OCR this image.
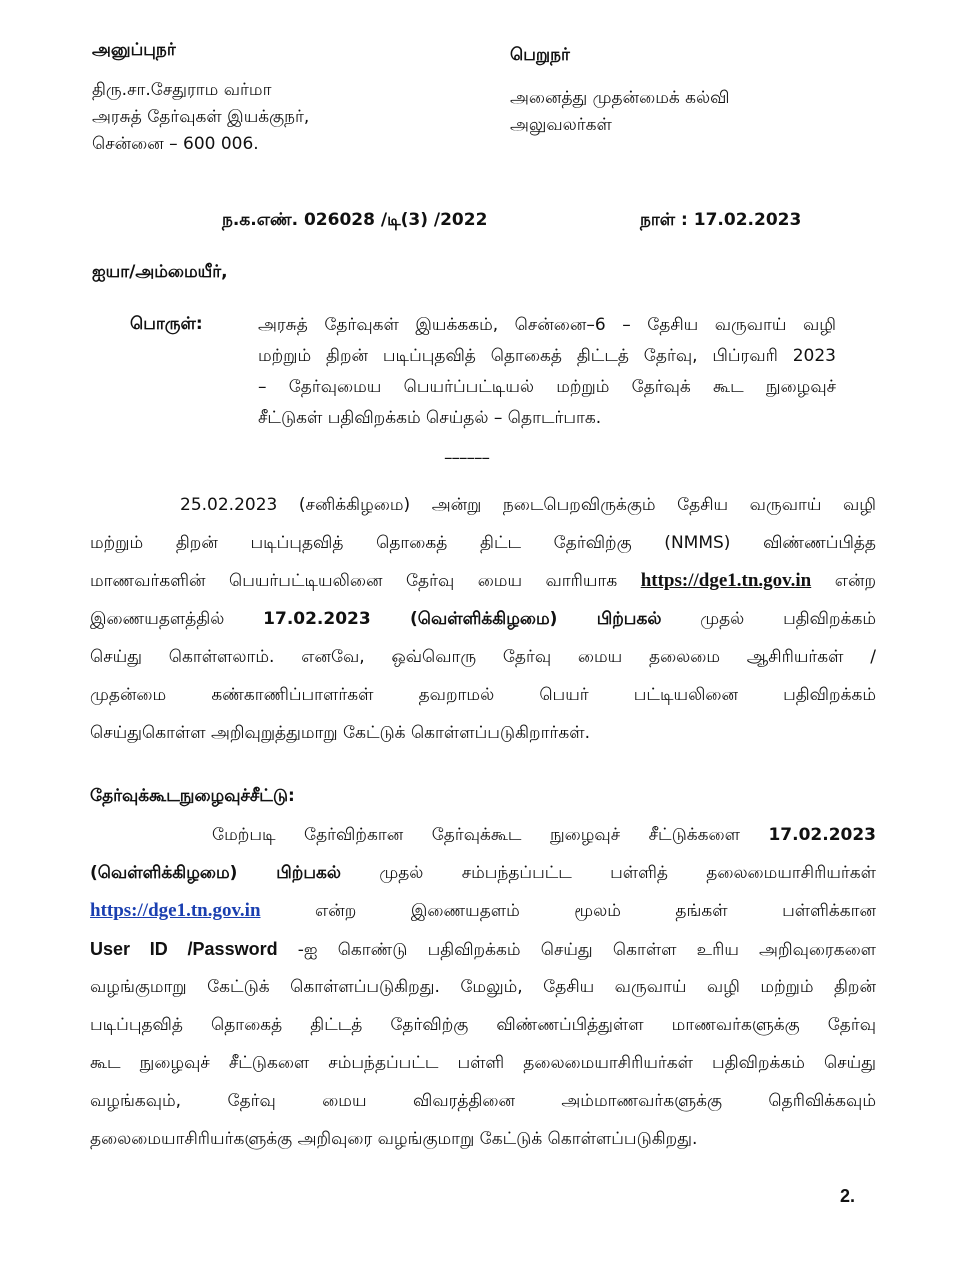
அனுப்புநர்
திரு.சா.சேதுராம வர்மா
அரசுத் தேர்வுகள் இயக்குநர்,
சென்னை – 600 006.
பெறுநர்
அனைத்து முதன்மைக் கல்வி
அலுவலர்கள்
ந.க.எண். 026028 /டி(3) /2022	நாள் : 17.02.2023
ஐயா/அம்மையீர்,
பொருள்:	அரசுத் தேர்வுகள் இயக்ககம், சென்னை–6 – தேசிய வருவாய் வழி
மற்றும் திறன் படிப்புதவித் தொகைத் திட்டத் தேர்வு, பிப்ரவரி 2023
– தேர்வுமைய பெயர்ப்பட்டியல் மற்றும் தேர்வுக் கூட நுழைவுச்
சீட்டுகள் பதிவிறக்கம் செய்தல் – தொடர்பாக.
––––––
25.02.2023 (சனிக்கிழமை) அன்று நடைபெறவிருக்கும் தேசிய வருவாய் வழி
மற்றும் திறன் படிப்புதவித் தொகைத் திட்ட தேர்விற்கு (NMMS) விண்ணப்பித்த
மாணவர்களின் பெயர்பட்டியலினை தேர்வு மைய வாரியாக https://dge1.tn.gov.in என்ற
இணையதளத்தில் 17.02.2023 (வெள்ளிக்கிழமை) பிற்பகல் முதல் பதிவிறக்கம்
செய்து கொள்ளலாம். எனவே, ஒவ்வொரு தேர்வு மைய தலைமை ஆசிரியர்கள் /
முதன்மை கண்காணிப்பாளர்கள் தவறாமல் பெயர் பட்டியலினை பதிவிறக்கம்
செய்துகொள்ள அறிவுறுத்துமாறு கேட்டுக் கொள்ளப்படுகிறார்கள்.
தேர்வுக்கூடநுழைவுச்சீட்டு:
மேற்படி தேர்விற்கான தேர்வுக்கூட நுழைவுச் சீட்டுக்களை 17.02.2023
(வெள்ளிக்கிழமை) பிற்பகல் முதல் சம்பந்தப்பட்ட பள்ளித் தலைமையாசிரியர்கள்
https://dge1.tn.gov.in	என்ற இணையதளம் மூலம் தங்கள் பள்ளிக்கான
User ID /Password -ஐ கொண்டு பதிவிறக்கம் செய்து கொள்ள உரிய அறிவுரைகளை
வழங்குமாறு கேட்டுக் கொள்ளப்படுகிறது. மேலும், தேசிய வருவாய் வழி மற்றும் திறன்
படிப்புதவித் தொகைத் திட்டத் தேர்விற்கு விண்ணப்பித்துள்ள மாணவர்களுக்கு தேர்வு
கூட நுழைவுச் சீட்டுகளை சம்பந்தப்பட்ட பள்ளி தலைமையாசிரியர்கள் பதிவிறக்கம் செய்து
வழங்கவும், தேர்வு மைய விவரத்தினை அம்மாணவர்களுக்கு தெரிவிக்கவும்
தலைமையாசிரியர்களுக்கு அறிவுரை வழங்குமாறு கேட்டுக் கொள்ளப்படுகிறது.
2.
